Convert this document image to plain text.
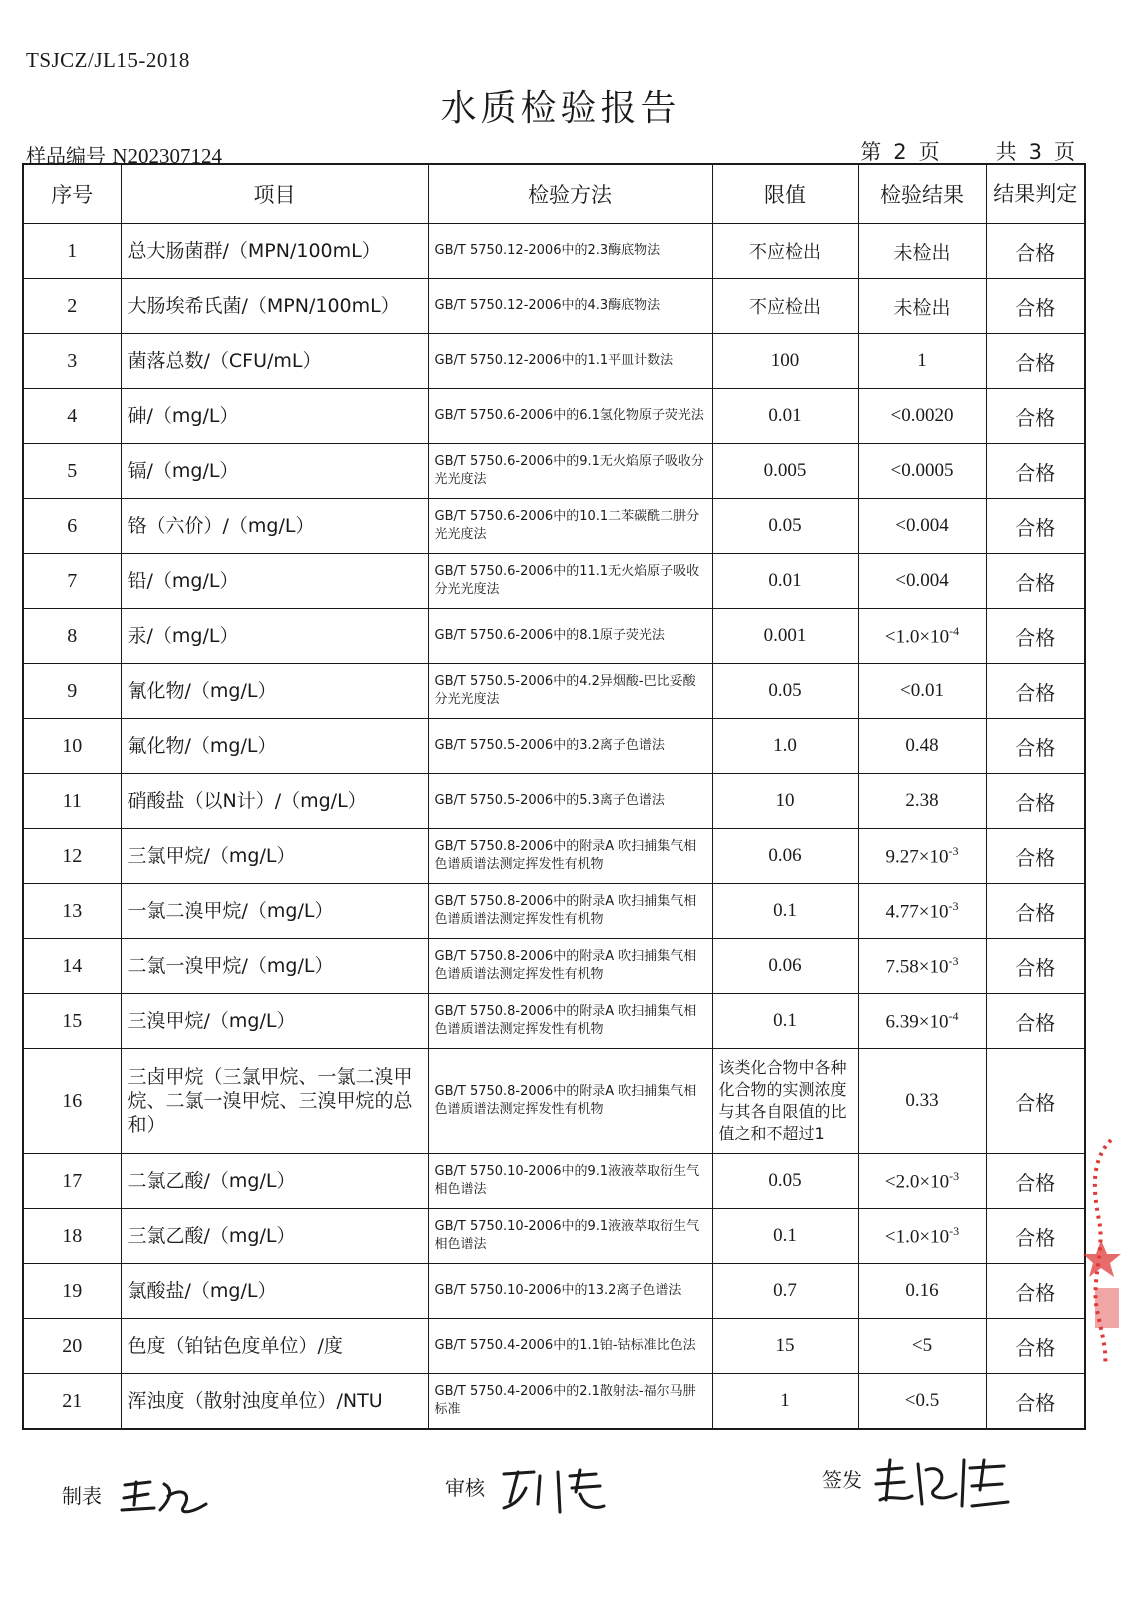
TSJCZ/JL15-2018
水质检验报告
样品编号 N202307124	第 2 页	共 3 页
序号	项目	检验方法	限值	检验结果	结果判定
1	总大肠菌群/（MPN/100mL）	GB/T 5750.12-2006中的2.3酶底物法	不应检出	未检出	合格
2	大肠埃希氏菌/（MPN/100mL）	GB/T 5750.12-2006中的4.3酶底物法	不应检出	未检出	合格
3	菌落总数/（CFU/mL）	GB/T 5750.12-2006中的1.1平皿计数法	100	1	合格
4	砷/（mg/L）	GB/T 5750.6-2006中的6.1氢化物原子荧光法	0.01	<0.0020	合格
5	镉/（mg/L）	GB/T 5750.6-2006中的9.1无火焰原子吸收分光光度法	0.005	<0.0005	合格
6	铬（六价）/（mg/L）	GB/T 5750.6-2006中的10.1二苯碳酰二肼分光光度法	0.05	<0.004	合格
7	铅/（mg/L）	GB/T 5750.6-2006中的11.1无火焰原子吸收分光光度法	0.01	<0.004	合格
8	汞/（mg/L）	GB/T 5750.6-2006中的8.1原子荧光法	0.001	$<1.0\times 10^{-4}$	合格
9	氰化物/（mg/L）	GB/T 5750.5-2006中的4.2异烟酸-巴比妥酸分光光度法	0.05	<0.01	合格
10	氟化物/（mg/L）	GB/T 5750.5-2006中的3.2离子色谱法	1.0	0.48	合格
11	硝酸盐（以N计）/（mg/L）	GB/T 5750.5-2006中的5.3离子色谱法	10	2.38	合格
12	三氯甲烷/（mg/L）	GB/T 5750.8-2006中的附录A 吹扫捕集气相色谱质谱法测定挥发性有机物	0.06	$9.27\times 10^{-3}$	合格
13	一氯二溴甲烷/（mg/L）	GB/T 5750.8-2006中的附录A 吹扫捕集气相色谱质谱法测定挥发性有机物	0.1	$4.77\times 10^{-3}$	合格
14	二氯一溴甲烷/（mg/L）	GB/T 5750.8-2006中的附录A 吹扫捕集气相色谱质谱法测定挥发性有机物	0.06	$7.58\times 10^{-3}$	合格
15	三溴甲烷/（mg/L）	GB/T 5750.8-2006中的附录A 吹扫捕集气相色谱质谱法测定挥发性有机物	0.1	$6.39\times 10^{-4}$	合格
16	三卤甲烷（三氯甲烷、一氯二溴甲烷、二氯一溴甲烷、三溴甲烷的总和）	GB/T 5750.8-2006中的附录A 吹扫捕集气相色谱质谱法测定挥发性有机物	该类化合物中各种化合物的实测浓度与其各自限值的比值之和不超过1	0.33	合格
17	二氯乙酸/（mg/L）	GB/T 5750.10-2006中的9.1液液萃取衍生气相色谱法	0.05	$<2.0\times 10^{-3}$	合格
18	三氯乙酸/（mg/L）	GB/T 5750.10-2006中的9.1液液萃取衍生气相色谱法	0.1	$<1.0\times 10^{-3}$	合格
19	氯酸盐/（mg/L）	GB/T 5750.10-2006中的13.2离子色谱法	0.7	0.16	合格
20	色度（铂钴色度单位）/度	GB/T 5750.4-2006中的1.1铂-钴标准比色法	15	<5	合格
21	浑浊度（散射浊度单位）/NTU	GB/T 5750.4-2006中的2.1散射法-福尔马肼标准	1	<0.5	合格
制表	审核	签发
